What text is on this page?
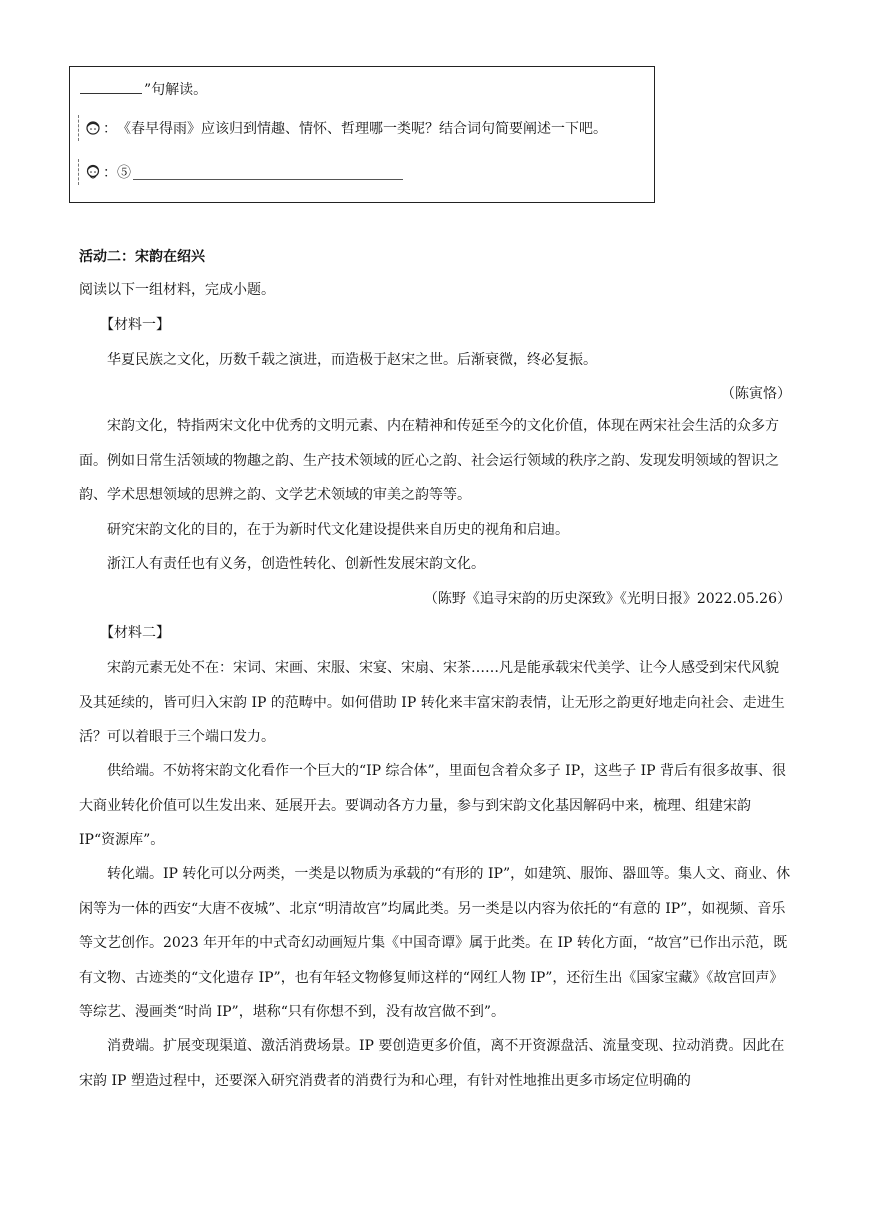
”句解读。
： 《春早得雨》应该归到情趣、情怀、哲理哪一类呢？结合词句简要阐述一下吧。
：⑤
活动二：宋韵在绍兴
阅读以下一组材料，完成小题。
【材料一】
华夏民族之文化，历数千载之演进，而造极于赵宋之世。后渐衰微，终必复振。
（陈寅恪）
宋韵文化，特指两宋文化中优秀的文明元素、内在精神和传延至今的文化价值，体现在两宋社会生活的众多方面。例如日常生活领域的物趣之韵、生产技术领域的匠心之韵、社会运行领域的秩序之韵、发现发明领域的智识之韵、学术思想领域的思辨之韵、文学艺术领域的审美之韵等等。
研究宋韵文化的目的，在于为新时代文化建设提供来自历史的视角和启迪。
浙江人有责任也有义务，创造性转化、创新性发展宋韵文化。
（陈野《追寻宋韵的历史深致》《光明日报》2022.05.26）
【材料二】
宋韵元素无处不在：宋词、宋画、宋服、宋宴、宋扇、宋茶……凡是能承载宋代美学、让今人感受到宋代风貌及其延续的，皆可归入宋韵 IP 的范畴中。如何借助 IP 转化来丰富宋韵表情，让无形之韵更好地走向社会、走进生活？可以着眼于三个端口发力。
供给端。不妨将宋韵文化看作一个巨大的“IP 综合体”，里面包含着众多子 IP，这些子 IP 背后有很多故事、很大商业转化价值可以生发出来、延展开去。要调动各方力量，参与到宋韵文化基因解码中来，梳理、组建宋韵 IP“资源库”。
转化端。IP 转化可以分两类，一类是以物质为承载的“有形的 IP”，如建筑、服饰、器皿等。集人文、商业、休闲等为一体的西安“大唐不夜城”、北京“明清故宫”均属此类。另一类是以内容为依托的“有意的 IP”，如视频、音乐等文艺创作。2023 年开年的中式奇幻动画短片集《中国奇谭》属于此类。在 IP 转化方面，“故宫”已作出示范，既有文物、古迹类的“文化遗存 IP”，也有年轻文物修复师这样的“网红人物 IP”，还衍生出《国家宝藏》《故宫回声》等综艺、漫画类“时尚 IP”，堪称“只有你想不到，没有故宫做不到”。
消费端。扩展变现渠道、激活消费场景。IP 要创造更多价值，离不开资源盘活、流量变现、拉动消费。因此在宋韵 IP 塑造过程中，还要深入研究消费者的消费行为和心理，有针对性地推出更多市场定位明确的
